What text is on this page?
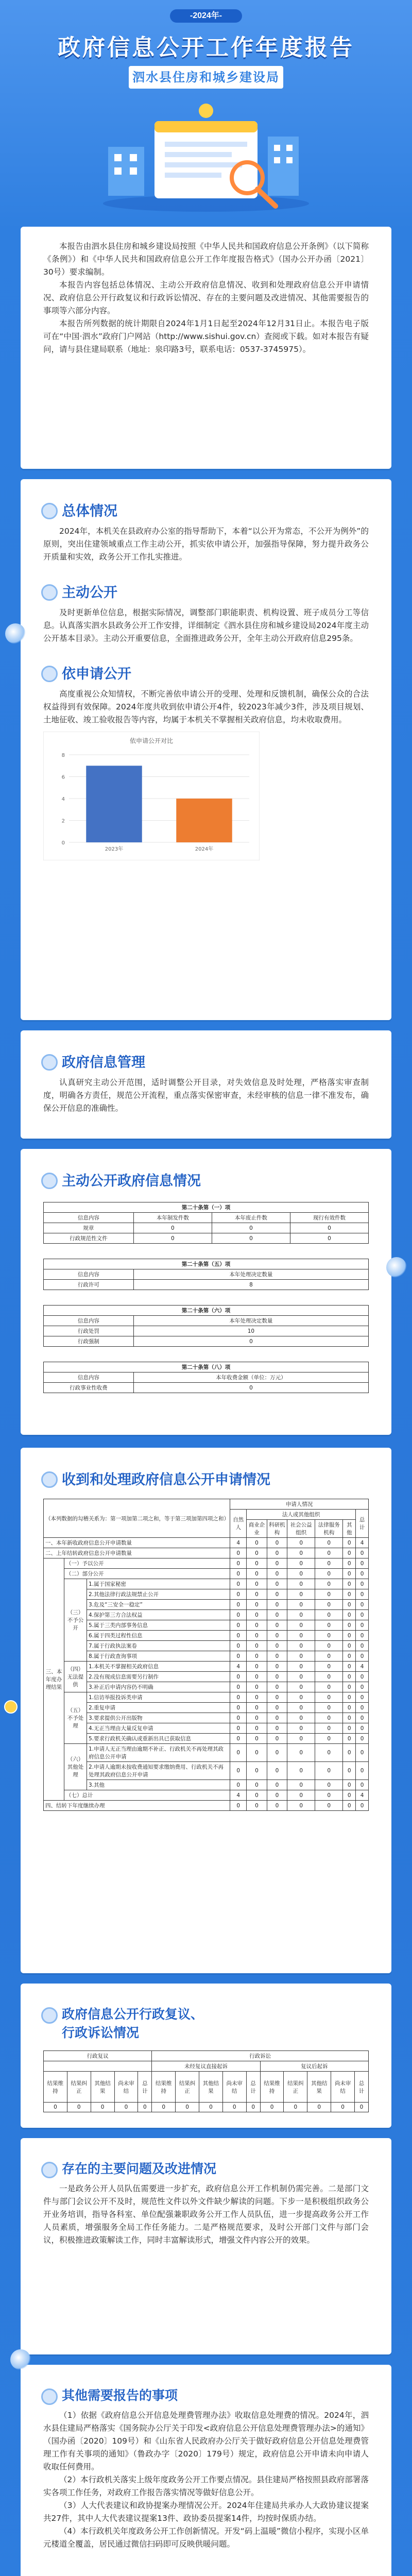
-2024年-
政府信息公开工作年度报告
泗水县住房和城乡建设局

本报告由泗水县住房和城乡建设局按照《中华人民共和国政府信息公开条例》（以下简称《条例》）和《中华人民共和国政府信息公开工作年度报告格式》（国办公开办函〔2021〕30号）要求编制。

本报告内容包括总体情况、主动公开政府信息情况、收到和处理政府信息公开申请情况、政府信息公开行政复议和行政诉讼情况、存在的主要问题及改进情况、其他需要报告的事项等六部分内容。

本报告所列数据的统计期限自2024年1月1日起至2024年12月31日止。本报告电子版可在“中国·泗水”政府门户网站（http://www.sishui.gov.cn）查阅或下载。如对本报告有疑问，请与县住建局联系（地址：泉印路3号，联系电话：0537-3745975）。

总体情况

2024年，本机关在县政府办公室的指导帮助下，本着“以公开为常态，不公开为例外”的原则，突出住建领域重点工作主动公开，抓实依申请公开，加强指导保障，努力提升政务公开质量和实效，政务公开工作扎实推进。

主动公开

及时更新单位信息，根据实际情况，调整部门职能职责、机构设置、班子成员分工等信息。认真落实泗水县政务公开工作安排，详细制定《泗水县住房和城乡建设局2024年度主动公开基本目录》。主动公开重要信息，全面推进政务公开，全年主动公开政府信息295条。

依申请公开

高度重视公众知情权，不断完善依申请公开的受理、处理和反馈机制，确保公众的合法权益得到有效保障。2024年度共收到依申请公开4件，较2023年减少3件，涉及项目规划、土地征收、竣工验收报告等内容，均属于本机关不掌握相关政府信息，均未收取费用。

依申请公开对比
0
2
4
6
8
2023年	2024年
政府信息管理

认真研究主动公开范围，适时调整公开目录，对失效信息及时处理，严格落实审查制度，明确各方责任，规范公开流程，重点落实保密审查，未经审核的信息一律不准发布，确保公开信息的准确性。

主动公开政府信息情况
第二十条第（一）项			
信息内容	本年制发件数	本年废止件数	现行有效件数
规章	0	0	0
行政规范性文件	0	0	0

第二十条第（五）项			
信息内容	本年处理决定数量		
行政许可	8		

第二十条第（六）项			
信息内容	本年处理决定数量		
行政处罚	10		
行政强制	0		

第二十条第（八）项			
信息内容	本年收费金额（单位：万元）		
行政事业性收费	0		
收到和处理政府信息公开申请情况
（本列数据的勾稽关系为：第一项加第二项之和，等于第三项加第四项之和）			申请人情况						
			自然人	法人或其他组织					总计
				商业企业	科研机构	社会公益组织	法律服务机构	其他	
一、本年新收政府信息公开申请数量			4	0	0	0	0	0	4
二、上年结转政府信息公开申请数量			0	0	0	0	0	0	0
三、本年度办理结果	（一）予以公开		0	0	0	0	0	0	0
	（二）部分公开		0	0	0	0	0	0	0
	（三）不予公开	1.属于国家秘密	0	0	0	0	0	0	0
		2.其他法律行政法规禁止公开	0	0	0	0	0	0	0
		3.危及“三安全一稳定”	0	0	0	0	0	0	0
		4.保护第三方合法权益	0	0	0	0	0	0	0
		5.属于三类内部事务信息	0	0	0	0	0	0	0
		6.属于四类过程性信息	0	0	0	0	0	0	0
		7.属于行政执法案卷	0	0	0	0	0	0	0
		8.属于行政查询事项	0	0	0	0	0	0	0
	（四）无法提供	1.本机关不掌握相关政府信息	4	0	0	0	0	0	4
		2.没有现成信息需要另行制作	0	0	0	0	0	0	0
		3.补正后申请内容仍不明确	0	0	0	0	0	0	0
	（五）不予处理	1.信访举报投诉类申请	0	0	0	0	0	0	0
		2.重复申请	0	0	0	0	0	0	0
		3.要求提供公开出版物	0	0	0	0	0	0	0
		4.无正当理由大量反复申请	0	0	0	0	0	0	0
		5.要求行政机关确认或重新出具已获取信息	0	0	0	0	0	0	0
	（六）其他处理	1.申请人无正当理由逾期不补正、行政机关不再处理其政府信息公开申请	0	0	0	0	0	0	0
		2.申请人逾期未按收费通知要求缴纳费用、行政机关不再处理其政府信息公开申请	0	0	0	0	0	0	0
		3.其他	0	0	0	0	0	0	0
	（七）总计		4	0	0	0	0	0	4
四、结转下年度继续办理			0	0	0	0	0	0	0
政府信息公开行政复议、
行政诉讼情况
行政复议					行政诉讼									
					未经复议直接起诉					复议后起诉				
结果维持	结果纠正	其他结果	尚未审结	总计	结果维持	结果纠正	其他结果	尚未审结	总计	结果维持	结果纠正	其他结果	尚未审结	总计
0	0	0	0	0	0	0	0	0	0	0	0	0	0	0
存在的主要问题及改进情况

一是政务公开人员队伍需要进一步扩充，政府信息公开工作机制仍需完善。二是部门文件与部门会议公开不及时，规范性文件以外文件缺少解读的问题。下步一是积极组织政务公开业务培训，指导各科室、单位配强兼职政务公开工作人员队伍，进一步提高政务公开工作人员素质，增强服务全局工作任务能力。二是严格规范要求，及时公开部门文件与部门会议，积极推进政策解读工作，同时丰富解读形式，增强文件内容公开的效果。

其他需要报告的事项

（1）依据《政府信息公开信息处理费管理办法》收取信息处理费的情况。2024年，泗水县住建局严格落实《国务院办公厅关于印发<政府信息公开信息处理费管理办法>的通知》（国办函〔2020〕109号）和《山东省人民政府办公厅关于做好政府信息公开信息处理费管理工作有关事项的通知》（鲁政办字〔2020〕179号）规定，政府信息公开申请未向申请人收取任何费用。

（2）本行政机关落实上级年度政务公开工作要点情况。县住建局严格按照县政府部署落实各项工作任务，对政府工作报告落实情况等做好信息公开。

（3）人大代表建议和政协提案办理情况公开。2024年住建局共承办人大政协建议提案共27件，其中人大代表建议提案13件、政协委员提案14件，均按时保质办结。

（4）本行政机关年度政务公开工作创新情况。开发“码上温暖”微信小程序，实现小区单元楼道全覆盖，居民通过微信扫码即可反映供暖问题。
